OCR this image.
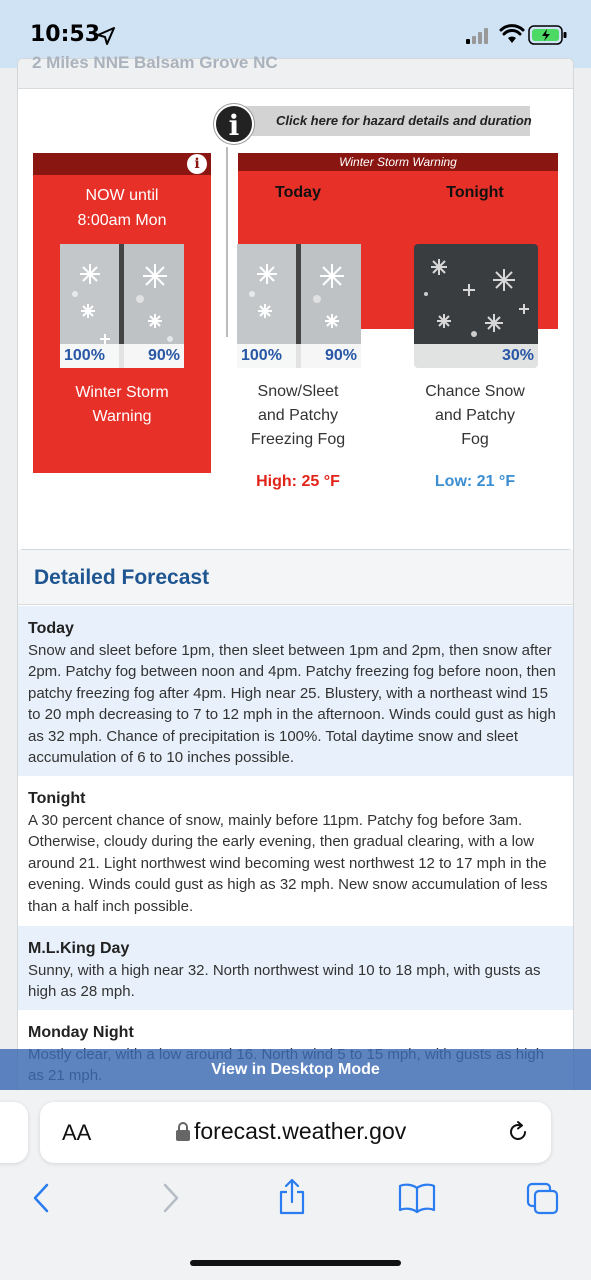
10:53
2 Miles NNE Balsam Grove NC
i	Click here for hazard details and duration
i
NOW until
8:00am Mon
100%	90%
Winter Storm
Warning
Winter Storm Warning
Today
100%	90%
Snow/Sleet
and Patchy
Freezing Fog
High: 25 °F
Tonight
30%
Chance Snow
and Patchy
Fog
Low: 21 °F
Detailed Forecast
Today
Snow and sleet before 1pm, then sleet between 1pm and 2pm, then snow after 2pm. Patchy fog between noon and 4pm. Patchy freezing fog before noon, then patchy freezing fog after 4pm. High near 25. Blustery, with a northeast wind 15 to 20 mph decreasing to 7 to 12 mph in the afternoon. Winds could gust as high as 32 mph. Chance of precipitation is 100%. Total daytime snow and sleet accumulation of 6 to 10 inches possible.
Tonight
A 30 percent chance of snow, mainly before 11pm. Patchy fog before 3am. Otherwise, cloudy during the early evening, then gradual clearing, with a low around 21. Light northwest wind becoming west northwest 12 to 17 mph in the evening. Winds could gust as high as 32 mph. New snow accumulation of less than a half inch possible.
M.L.King Day
Sunny, with a high near 32. North northwest wind 10 to 18 mph, with gusts as high as 28 mph.
Monday Night
View in Desktop Mode
AA	forecast.weather.gov
